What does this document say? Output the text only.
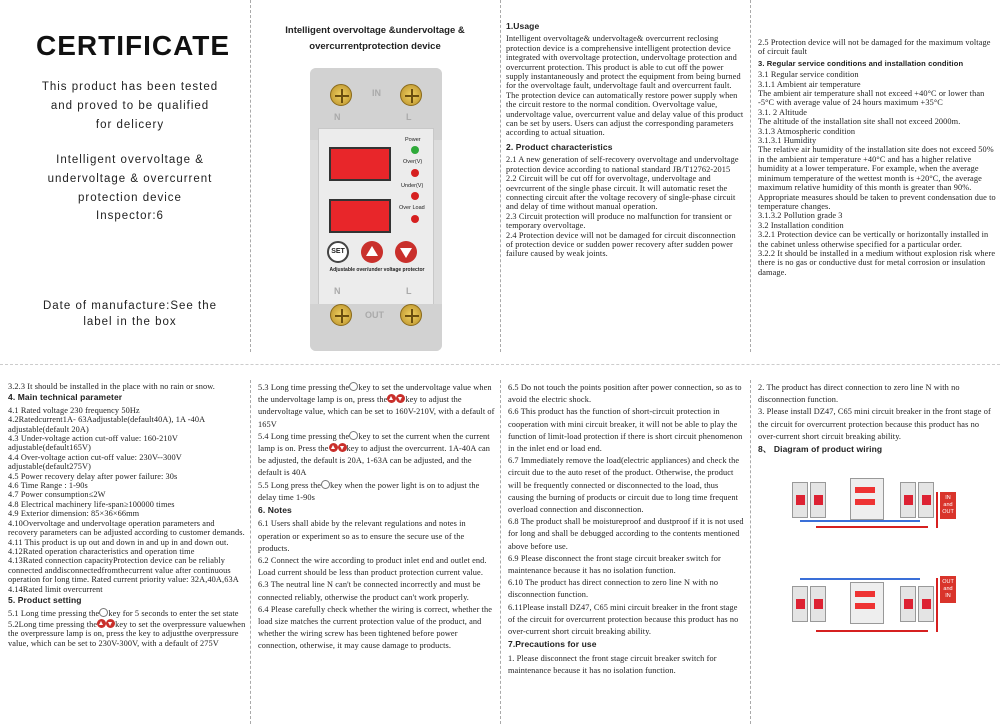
CERTIFICATE
This product has been tested
and proved to be qualified
for delicery
Intelligent overvoltage &
undervoltage & overcurrent
protection device
Inspector:6
Date of manufacture:See the
label in the box
Intelligent overvoltage &undervoltage &
overcurrentprotection device
IN
N	L
Power
Over(V)
Under(V)
Over Load
SET
Adjustable over/under voltage protector
N	L
OUT
1.Usage

Intelligent overvoltage& undervoltage& overcurrent reclosing protection device is a comprehensive intelligent protection device integrated with overvoltage protection, undervoltage protection and overcurrent protection. This product is able to cut off the power supply instantaneously and protect the equipment from being burned for the overvoltage fault, undervoltage fault and overcurrent fault. The protection device can automatically restore power supply when the circuit restore to the normal condition. Overvoltage value, undervoltage value, overcurrent value and delay value of this product can be set by users. Users can adjust the corresponding parameters according to actual situation.

2. Product characteristics

2.1 A new generation of self-recovery overvoltage and undervoltage protection device according to national standard JB/T12762-2015

2.2 Circuit will be cut off for overvoltage, undervoltage and oevrcurrent of the single phase circuit. It will automatic reset the connecting circuit after the voltage recovery of single-phase circuit and delay of time without manual operation.

2.3 Circuit protection will produce no malfunction for transient or temporary overvoltage.

2.4 Protection device will not be damaged for circuit disconnection of protection device or sudden power recovery after sudden power failure caused by weak joints.

2.5 Protection device will not be damaged for the maximum voltage of circuit fault

3. Regular service conditions and installation condition

3.1 Regular service condition

3.1.1 Ambient air temperature

The ambient air temperature shall not exceed +40°C or lower than -5°C with average value of 24 hours maximum +35°C

3.1. 2 Altitude

The altitude of the installation site shall not exceed 2000m.

3.1.3 Atmospheric condition

3.1.3.1 Humidity

The relative air humidity of the installation site does not exceed 50% in the ambient air temperature +40°C and has a higher relative humidity at a lower temperature. For example, when the average minimum temperature of the wettest month is +20°C, the average maximum relative humidity of this month is greater than 90%. Appropriate measures should be taken to prevent condensation due to temperature changes.

3.1.3.2 Pollution grade 3

3.2 Installation condition

3.2.1 Protection device can be vertically or horizontally installed in the cabinet unless otherwise specified for a particular order.

3.2.2 It should be installed in a medium without explosion risk where there is no gas or conductive dust for metal corrosion or insulation damage.

3.2.3 It should be installed in the place with no rain or snow.

4. Main technical parameter

4.1 Rated voltage 230 frequency 50Hz

4.2Ratedcurrent1A- 63Aadjustable(default40A), 1A -40A adjustable(default 20A)

4.3 Under-voltage action cut-off value: 160-210V adjustable(default165V)

4.4 Over-voltage action cut-off value: 230V--300V adjustable(default275V)

4.5 Power recovery delay after power failure: 30s

4.6 Time Range : 1-90s

4.7 Power consumption≤2W

4.8 Electrical machinery life-span≥100000 times

4.9 Exterior dimension: 85×36×66mm

4.10Overvoltage and undervoltage operation parameters and recovery parameters can be adjusted according to customer demands.

4.11 This product is up out and down in and up in and down out.

4.12Rated operation characteristics and operation time

4.13Rated connection capacityProtection device can be reliably connected anddisconnectedfromthecurrent value after continuous operation for long time. Rated current priority value: 32A,40A,63A

4.14Rated limit overcurrent

5. Product setting

5.1 Long time pressing the key for 5 seconds to enter the set state

5.2Long time pressing the key to set the overpressure valuewhen the overpressure lamp is on, press the key to adjustthe overpressure value, which can be set to 230V-300V, with a default of 275V

5.3 Long time pressing the key to set the undervoltage value when the undervoltage lamp is on, press the key to adjust the undervoltage value, which can be set to 160V-210V, with a default of 165V

5.4 Long time pressing the key to set the current when the current lamp is on. Press the key to adjust the overcurrent. 1A-40A can be adjusted, the default is 20A, 1-63A can be adjusted, and the default is 40A

5.5 Long press the key when the power light is on to adjust the delay time 1-90s

6. Notes

6.1 Users shall abide by the relevant regulations and notes in operation or experiment so as to ensure the secure use of the products.

6.2 Connect the wire according to product inlet end and outlet end. Load current should be less than product protection current value.

6.3 The neutral line N can't be connected incorrectly and must be connected reliably, otherwise the product can't work properly.

6.4 Please carefully check whether the wiring is correct, whether the load size matches the current protection value of the product, and whether the wiring screw has been tightened before power connection, otherwise, it may cause damage to products.

6.5 Do not touch the points position after power connection, so as to avoid the electric shock.

6.6 This product has the function of short-circuit protection in cooperation with mini circuit breaker, it will not be able to play the function of limit-load protection if there is short circuit phenomenon in the inlet end or load end.

6.7 Immediately remove the load(electric appliances) and check the circuit due to the auto reset of the product. Otherwise, the product will be frequently connected or disconnected to the load, thus causing the burning of products or circuit due to long time frequent overload connection and disconnection.

6.8 The product shall be moistureproof and dustproof if it is not used for long and shall be debugged according to the contents mentioned above before use.

6.9 Please disconnect the front stage circuit breaker switch for maintenance because it has no isolation function.

6.10 The product has direct connection to zero line N with no disconnection function.

6.11Please install DZ47, C65 mini circuit breaker in the front stage of the circuit for overcurrent protection because this product has no over-current short circuit breaking ability.

7.Precautions for use

1. Please disconnect the front stage circuit breaker switch for maintenance because it has no isolation function.

2. The product has direct connection to zero line N with no disconnection function.

3. Please install DZ47, C65 mini circuit breaker in the front stage of the circuit for overcurrent protection because this product has no over-current short circuit breaking ability.

8、 Diagram of product wiring
IN
and
OUT
OUT
and
IN
